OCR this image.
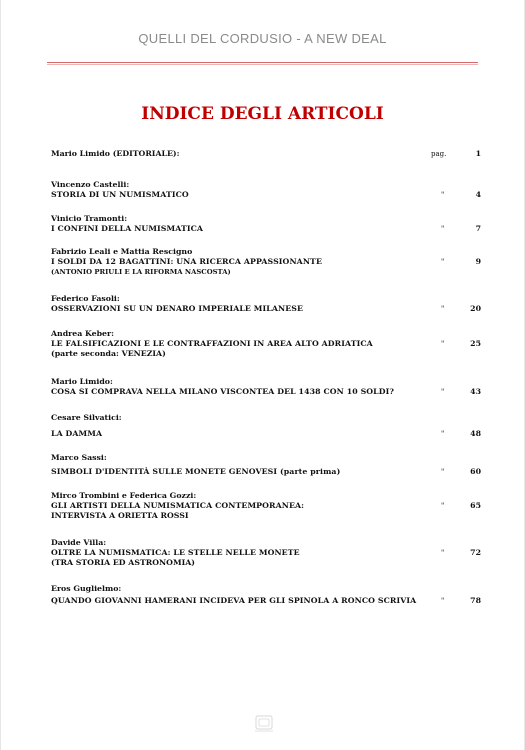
QUELLI DEL CORDUSIO - A NEW DEAL
INDICE DEGLI ARTICOLI
Mario Limido (EDITORIALE):	pag.	1
Vincenzo Castelli:
STORIA DI UN NUMISMATICO	"	4
Vinicio Tramonti:
I CONFINI DELLA NUMISMATICA	"	7
Fabrizio Leali e Mattia Rescigno
I SOLDI DA 12 BAGATTINI: UNA RICERCA APPASSIONANTE	"	9
(ANTONIO PRIULI E LA RIFORMA NASCOSTA)
Federico Fasoli:
OSSERVAZIONI SU UN DENARO IMPERIALE MILANESE	"	20
Andrea Keber:
LE FALSIFICAZIONI E LE CONTRAFFAZIONI IN AREA ALTO ADRIATICA	"	25
(parte seconda: VENEZIA)
Mario Limido:
COSA SI COMPRAVA NELLA MILANO VISCONTEA DEL 1438 CON 10 SOLDI?	"	43
Cesare Silvatici:
LA DAMMA	"	48
Marco Sassi:
SIMBOLI D'IDENTITÀ SULLE MONETE GENOVESI (parte prima)	"	60
Mirco Trombini e Federica Gozzi:
GLI ARTISTI DELLA NUMISMATICA CONTEMPORANEA:	"	65
INTERVISTA A ORIETTA ROSSI
Davide Villa:
OLTRE LA NUMISMATICA: LE STELLE NELLE MONETE	"	72
(TRA STORIA ED ASTRONOMIA)
Eros Guglielmo:
QUANDO GIOVANNI HAMERANI INCIDEVA PER GLI SPINOLA A RONCO SCRIVIA	"	78
